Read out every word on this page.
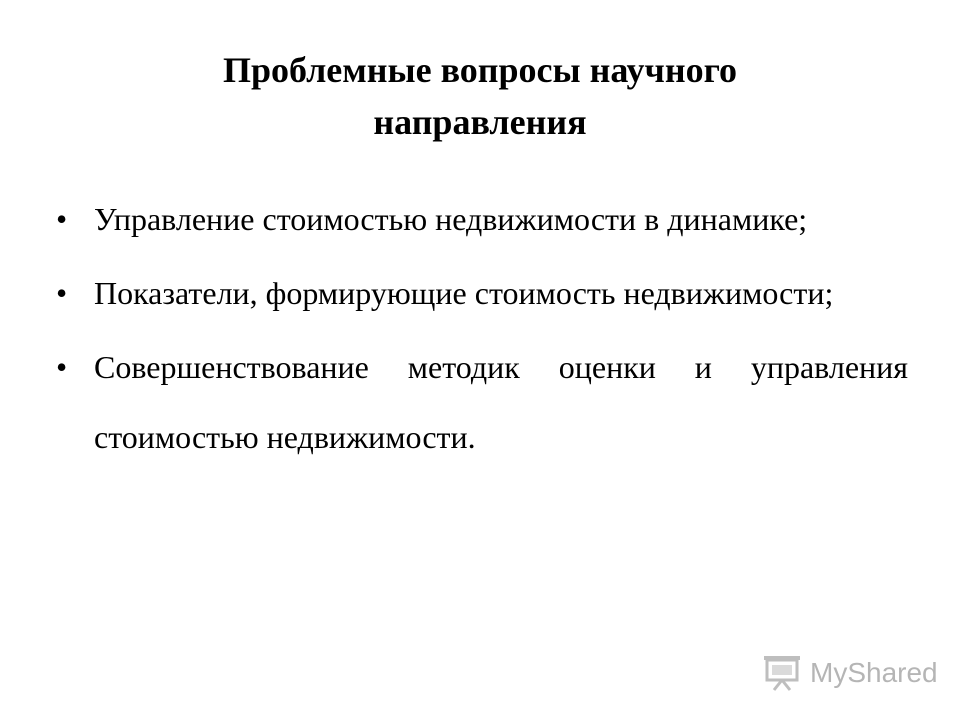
Проблемные вопросы научного
направления
• Управление стоимостью недвижимости в динамике;
• Показатели, формирующие стоимость недвижимости;
• Совершенствование методик оценки и управления стоимостью недвижимости.
MyShared
